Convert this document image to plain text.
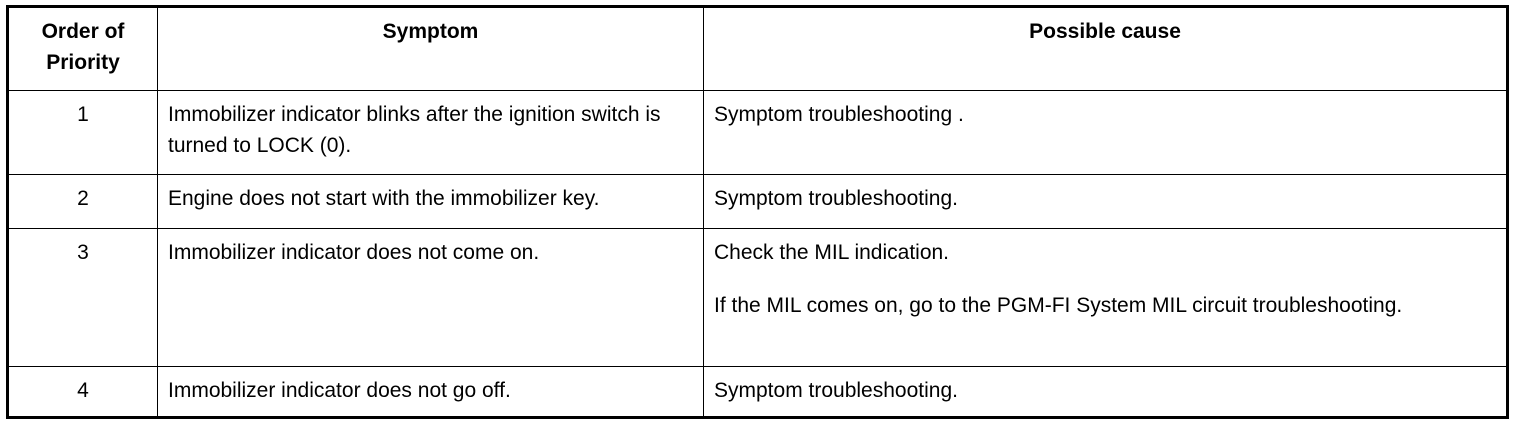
Order of Priority	Symptom	Possible cause
1	Immobilizer indicator blinks after the ignition switch is turned to LOCK (0).	Symptom troubleshooting .

2	Engine does not start with the immobilizer key.	Symptom troubleshooting.

3	Immobilizer indicator does not come on.	Check the MIL indication.
If the MIL comes on, go to the PGM-FI System MIL circuit troubleshooting.

4	Immobilizer indicator does not go off.	Symptom troubleshooting.
